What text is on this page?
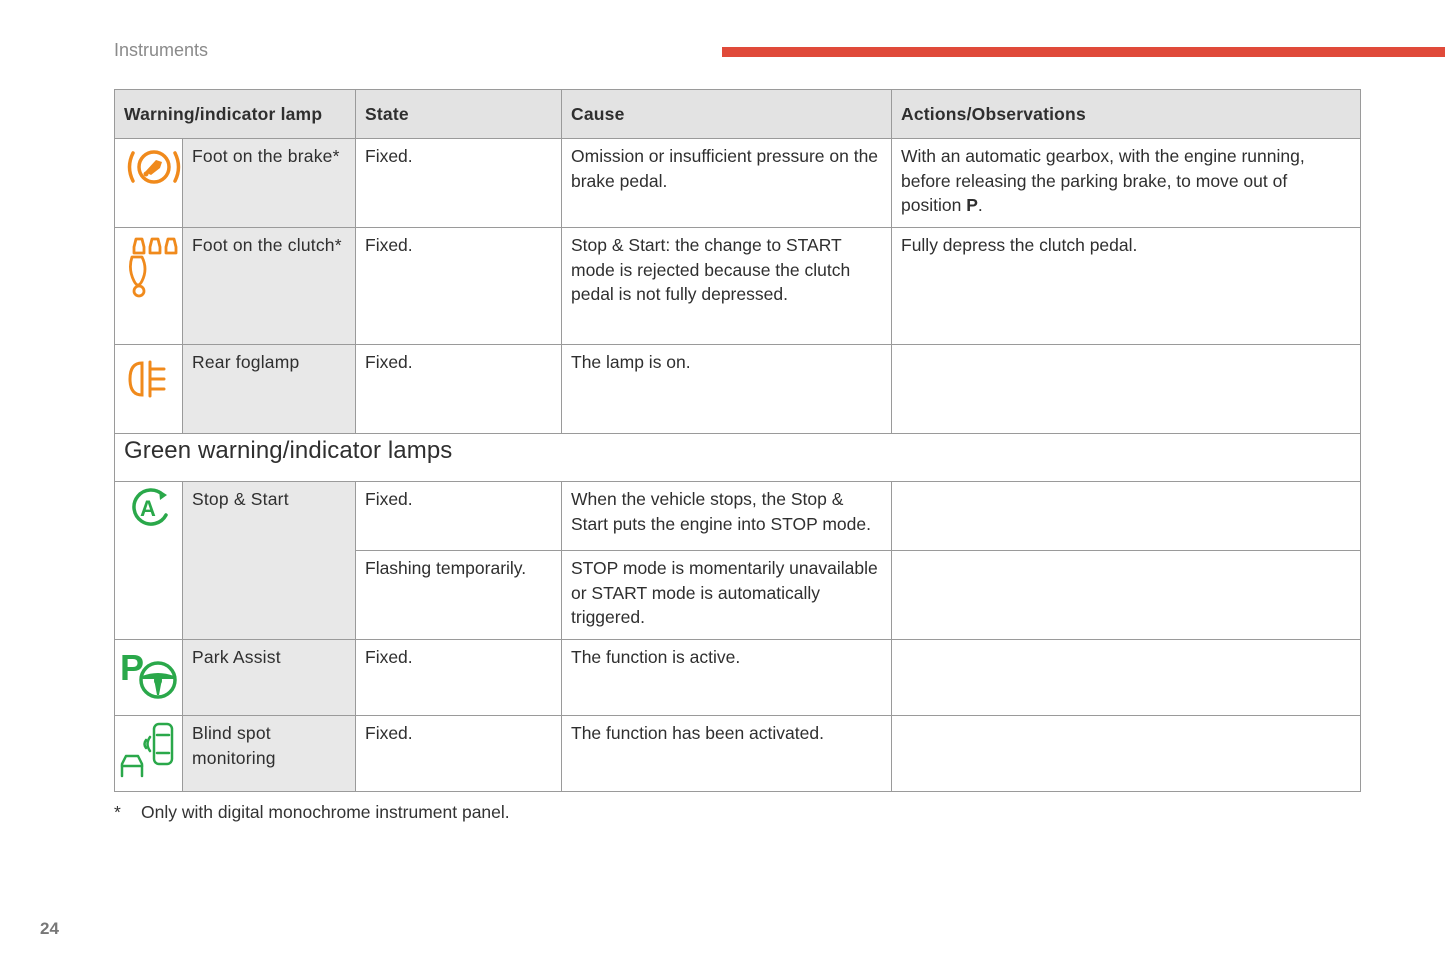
Instruments
Warning/indicator lamp		State	Cause	Actions/Observations

	Foot on the brake*	Fixed.	Omission or insufficient pressure on the brake pedal.	With an automatic gearbox, with the engine running, before releasing the parking brake, to move out of position P.

	Foot on the clutch*	Fixed.	Stop & Start: the change to START mode is rejected because the clutch pedal is not fully depressed.	Fully depress the clutch pedal.

	Rear foglamp	Fixed.	The lamp is on.	
Green warning/indicator lamps				

A	Stop & Start	Fixed.	When the vehicle stops, the Stop & Start puts the engine into STOP mode.	
		Flashing temporarily.	STOP mode is momentarily unavailable or START mode is automatically triggered.	

P	Park Assist	Fixed.	The function is active.	

	Blind spot monitoring	Fixed.	The function has been activated.	
* Only with digital monochrome instrument panel.
24
